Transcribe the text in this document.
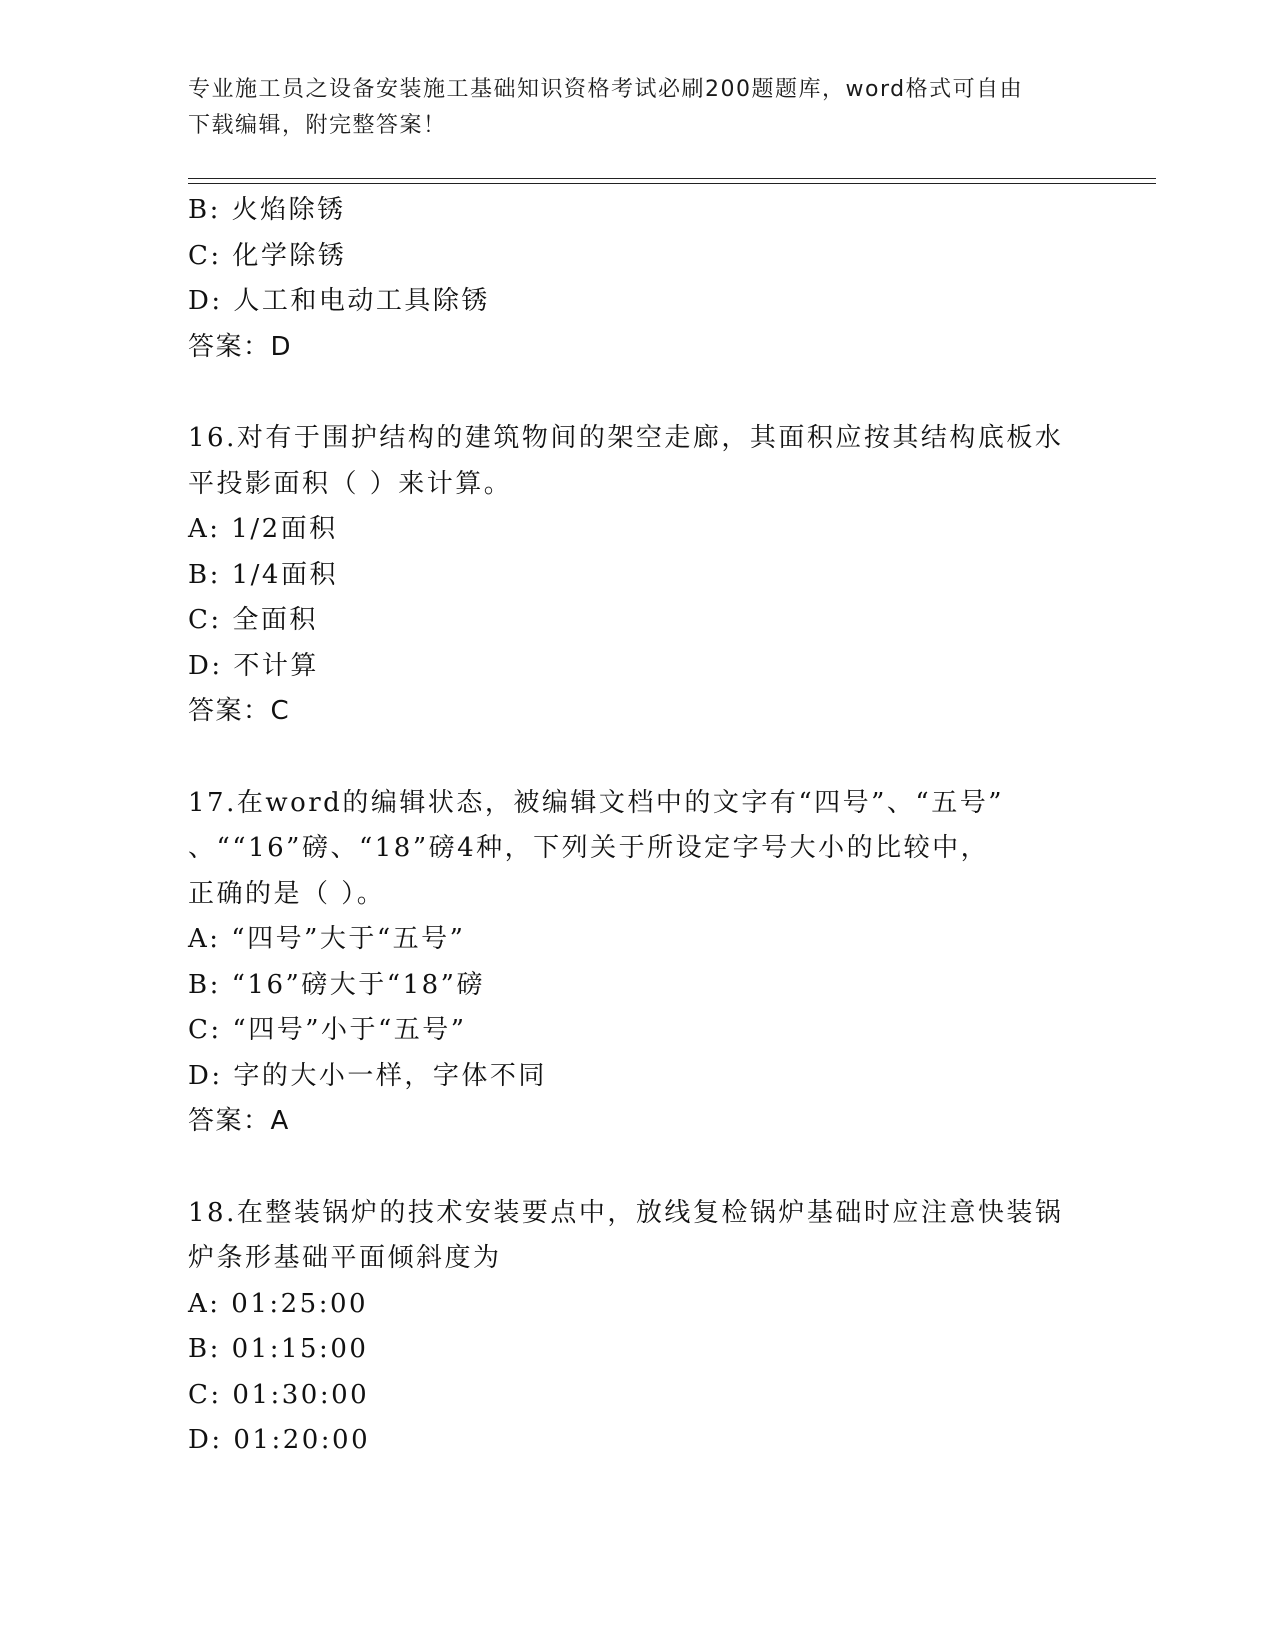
专业施工员之设备安装施工基础知识资格考试必刷200题题库，word格式可自由
下载编辑，附完整答案！
B: 火焰除锈
C: 化学除锈
D: 人工和电动工具除锈
答案：D
16.对有于围护结构的建筑物间的架空走廊，其面积应按其结构底板水
平投影面积（ ）来计算。
A: 1/2面积
B: 1/4面积
C: 全面积
D: 不计算
答案：C
17.在word的编辑状态，被编辑文档中的文字有“四号”、“五号”
、““16”磅、“18”磅4种，下列关于所设定字号大小的比较中，
正确的是（ ）。
A: “四号”大于“五号”
B: “16”磅大于“18”磅
C: “四号”小于“五号”
D: 字的大小一样，字体不同
答案：A
18.在整装锅炉的技术安装要点中，放线复检锅炉基础时应注意快装锅
炉条形基础平面倾斜度为
A: 01:25:00
B: 01:15:00
C: 01:30:00
D: 01:20:00
